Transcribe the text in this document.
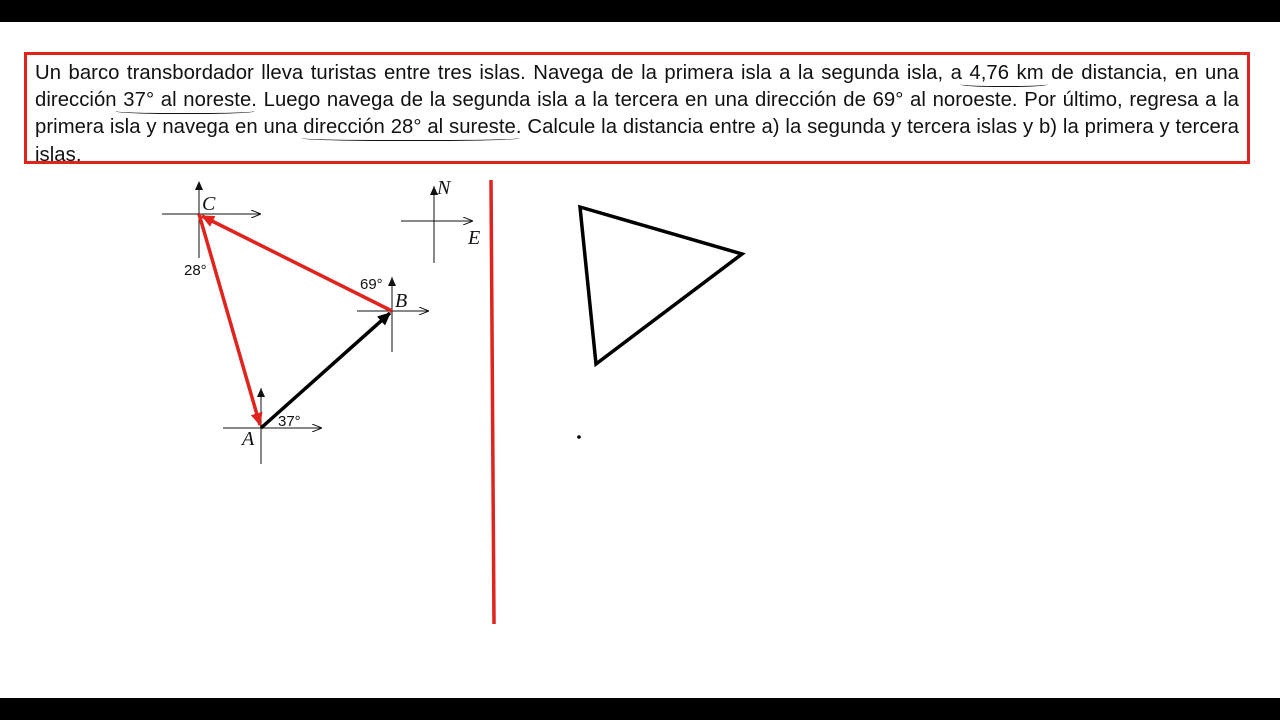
Un barco transbordador lleva turistas entre tres islas. Navega de la primera isla a la segunda isla, a 4,76 km de distancia, en una dirección 37° al noreste. Luego navega de la segunda isla a la tercera en una dirección de 69° al noroeste. Por último, regresa a la primera isla y navega en una dirección 28° al sureste. Calcule la distancia entre a) la segunda y tercera islas y b) la primera y tercera islas.

C
B
A
28°
69°
37°
N
E
